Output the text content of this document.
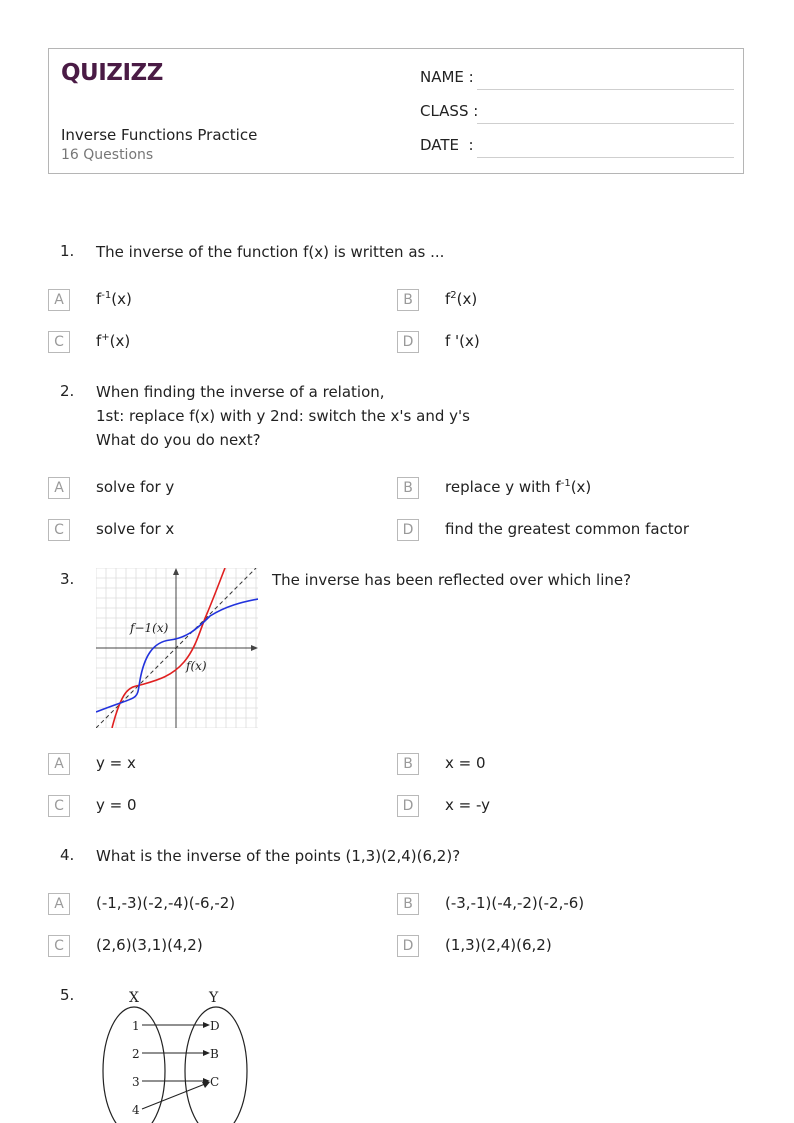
QUIZIZZ
Inverse Functions Practice
16 Questions
NAME :
CLASS :
DATE  :
1. The inverse of the function f(x) is written as ...
A	$f^{-1}(x)$	B	$f^2(x)$
C	f+(x)	D	f '(x)
2. When finding the inverse of a relation,
1st: replace f(x) with y 2nd: switch the x's and y's
What do you do next?
A	solve for y	B	replace y with $f^{-1}(x)$
C	solve for x	D	find the greatest common factor
3.	The inverse has been reflected over which line?
f−1(x)
f(x)
A	y = x	B	x = 0
C	y = 0	D	x = -y
4. What is the inverse of the points (1,3)(2,4)(6,2)?
A	(-1,-3)(-2,-4)(-6,-2)	B	(-3,-1)(-4,-2)(-2,-6)
C	(2,6)(3,1)(4,2)	D	(1,3)(2,4)(6,2)
5.	X	Y
1
2
3
4
D
B
C
